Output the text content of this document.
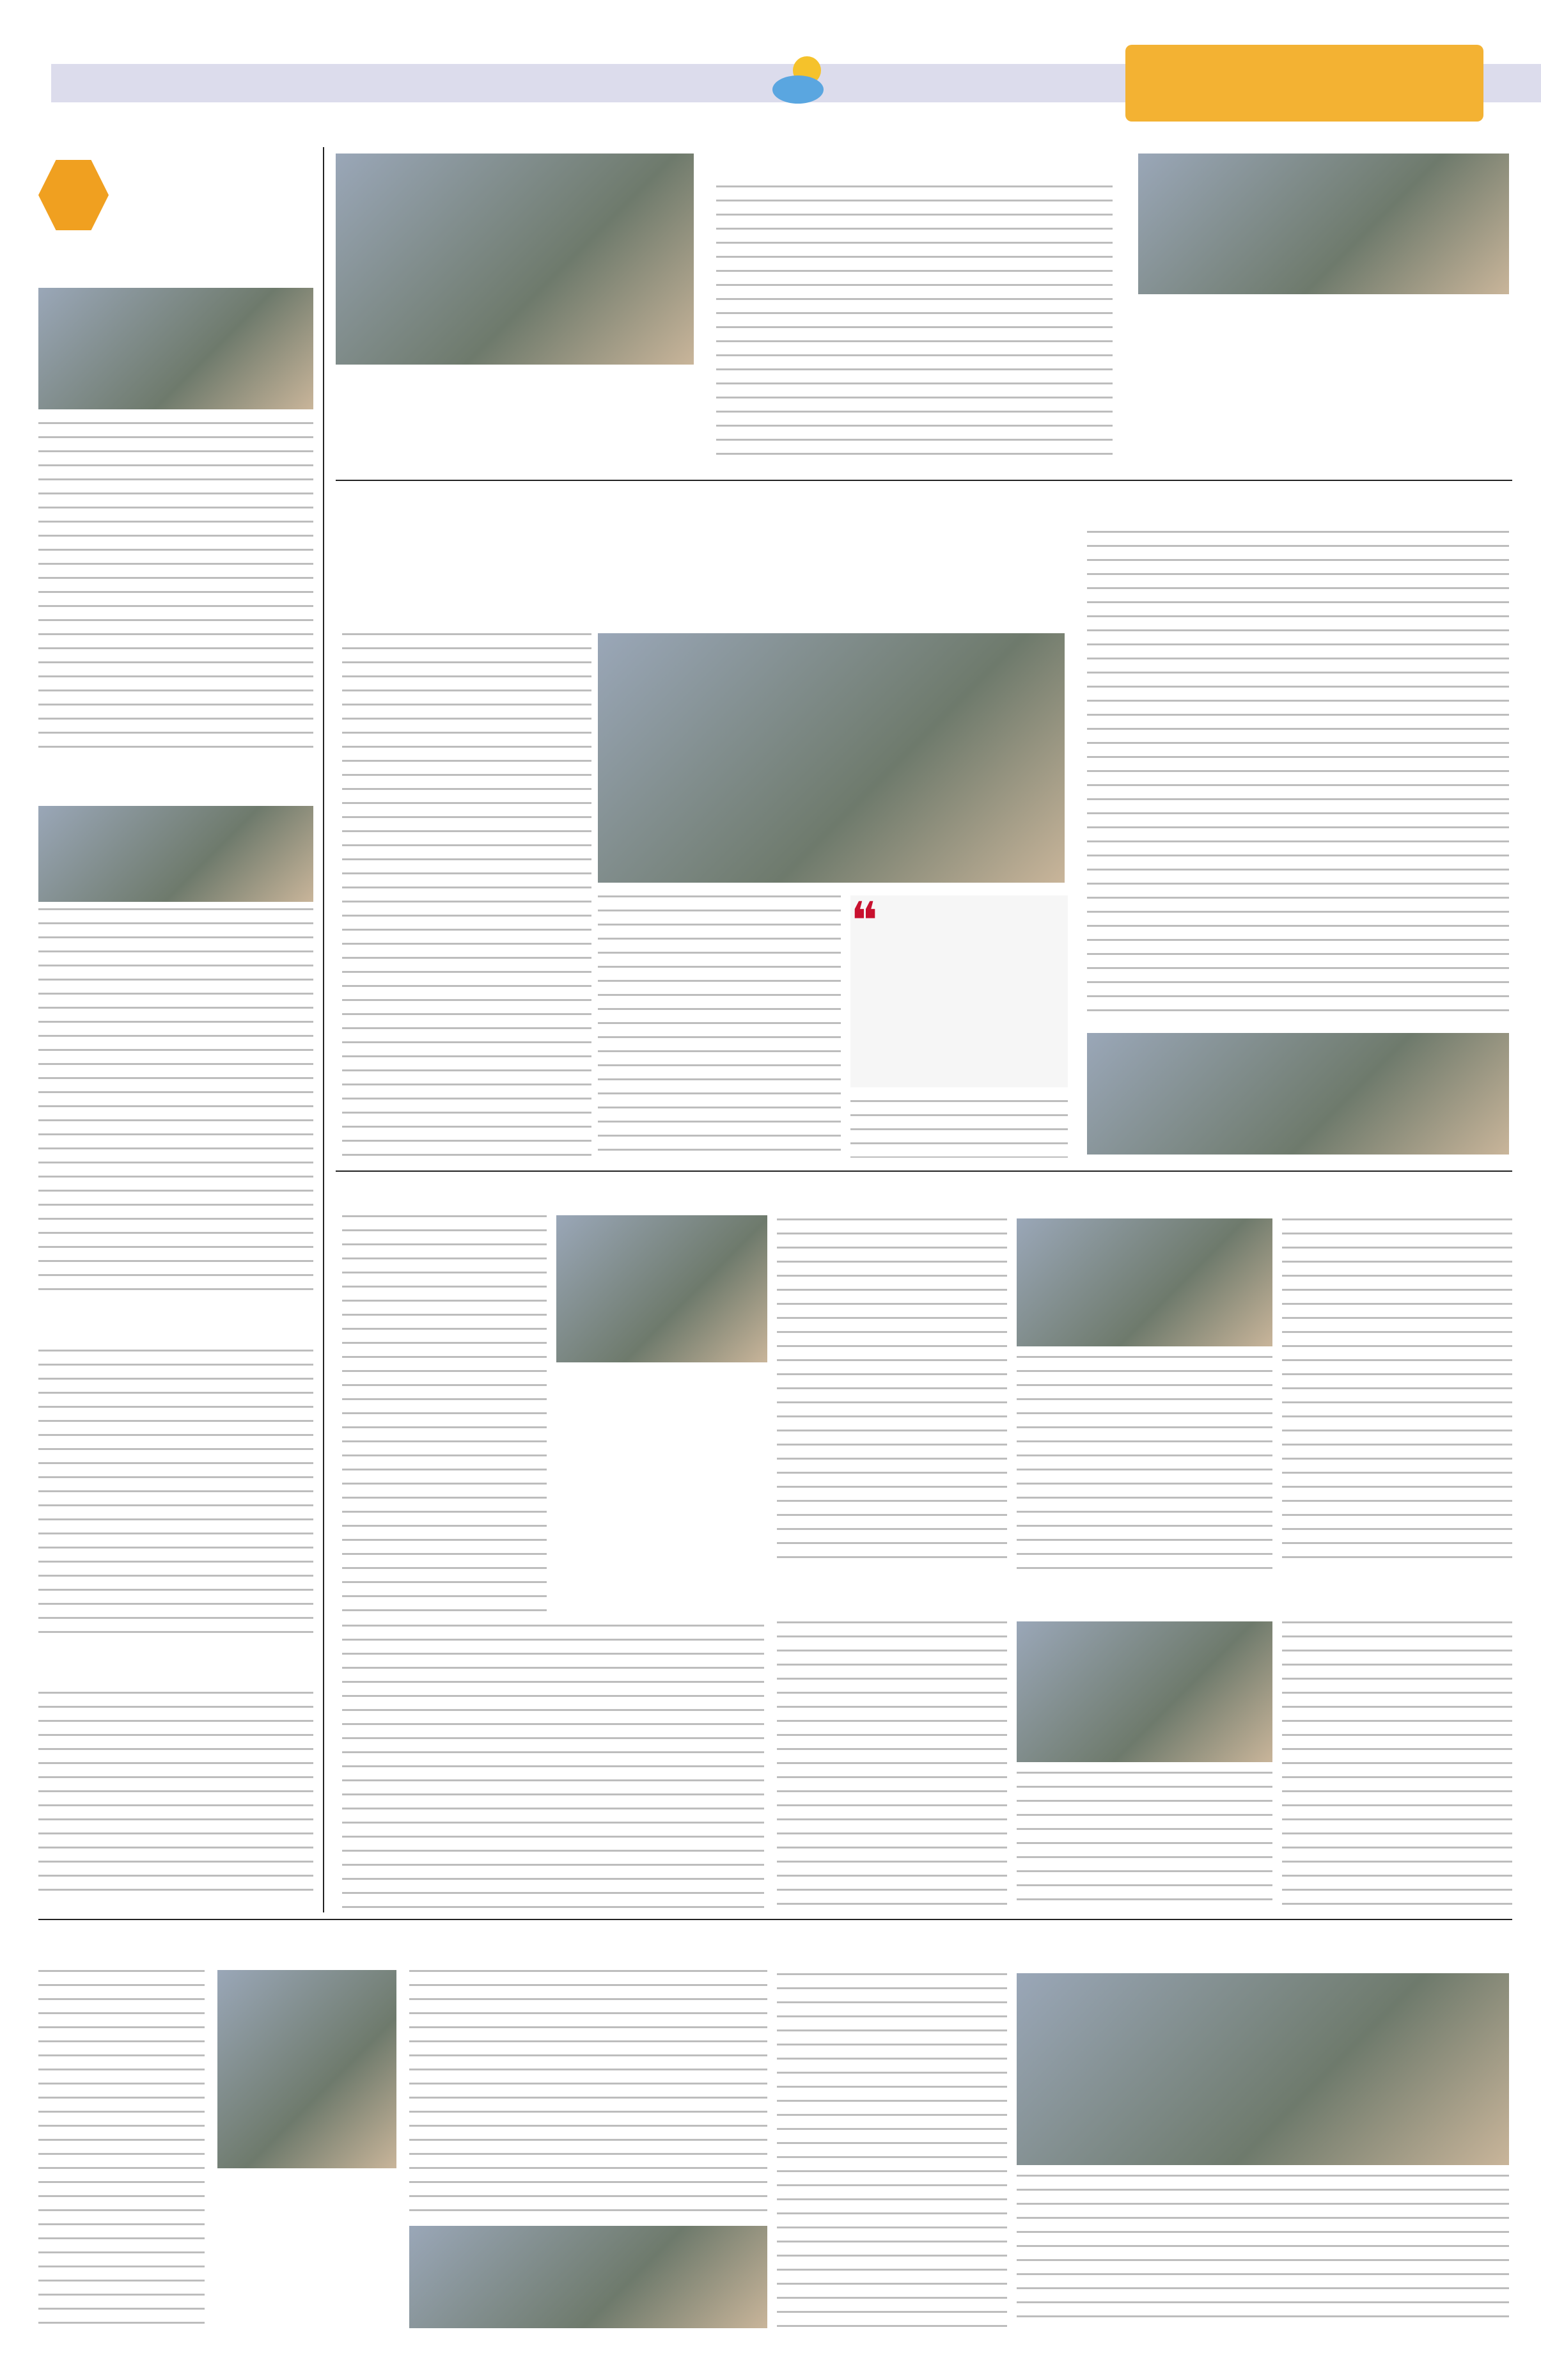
❝
